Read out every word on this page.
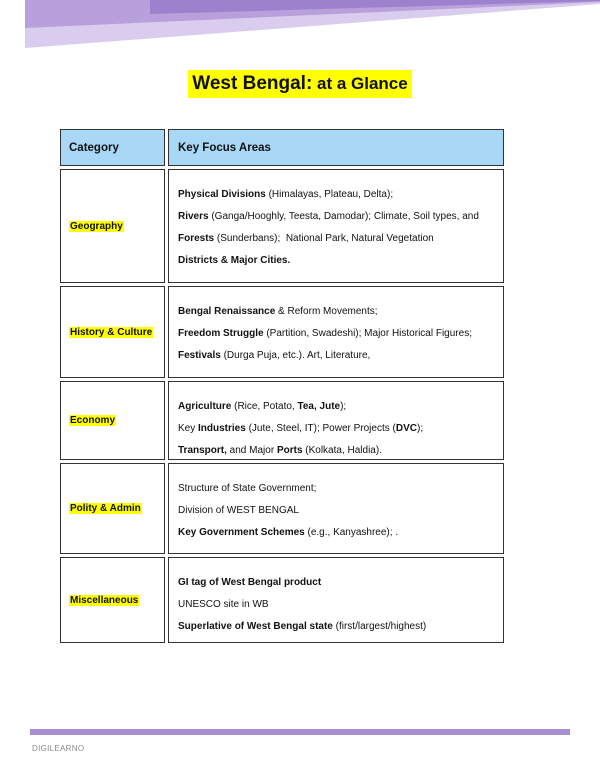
West Bengal: at a Glance
Category	Key Focus Areas
Geography
Physical Divisions (Himalayas, Plateau, Delta);
Rivers (Ganga/Hooghly, Teesta, Damodar); Climate, Soil types, and
Forests (Sunderbans);  National Park, Natural Vegetation
Districts & Major Cities.
History & Culture
Bengal Renaissance & Reform Movements;
Freedom Struggle (Partition, Swadeshi); Major Historical Figures;
Festivals (Durga Puja, etc.). Art, Literature,
Economy
Agriculture (Rice, Potato, Tea, Jute);
Key Industries (Jute, Steel, IT); Power Projects (DVC);
Transport, and Major Ports (Kolkata, Haldia).
Polity & Admin
Structure of State Government;
Division of WEST BENGAL
Key Government Schemes (e.g., Kanyashree); .
Miscellaneous
GI tag of West Bengal product
UNESCO site in WB
Superlative of West Bengal state (first/largest/highest)
DIGILEARNO
